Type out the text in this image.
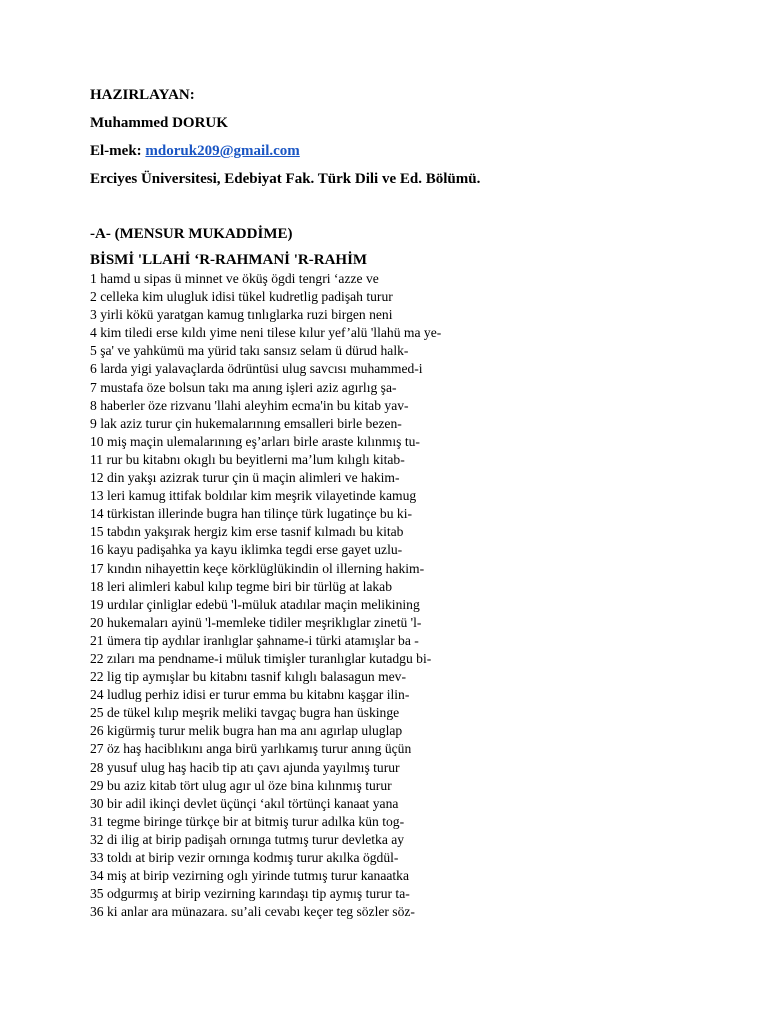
HAZIRLAYAN:
Muhammed DORUK
El-mek: mdoruk209@gmail.com
Erciyes Üniversitesi, Edebiyat Fak. Türk Dili ve Ed. Bölümü.
-A- (MENSUR MUKADDİME)
BİSMİ 'LLAHİ ‘R-RAHMANİ 'R-RAHİM
1 hamd u sipas ü minnet ve öküş ögdi tengri ‘azze ve
2 celleka kim ulugluk idisi tükel kudretlig padişah turur
3 yirli kökü yaratgan kamug tınlıglarka ruzi birgen neni
4 kim tiledi erse kıldı yime neni tilese kılur yef’alü 'llahü ma ye-
5 şa' ve yahkümü ma yürid takı sansız selam ü dürud halk-
6 larda yigi yalavaçlarda ödrüntüsi ulug savcısı muhammed-i
7 mustafa öze bolsun takı ma anıng işleri aziz agırlıg şa-
8 haberler öze rizvanu 'llahi aleyhim ecma'in bu kitab yav-
9 lak aziz turur çin hukemalarınıng emsalleri birle bezen-
10 miş maçin ulemalarınıng eş’arları birle araste kılınmış tu-
11 rur bu kitabnı okıglı bu beyitlerni ma’lum kılıglı kitab-
12 din yakşı azizrak turur çin ü maçin alimleri ve hakim-
13 leri kamug ittifak boldılar kim meşrik vilayetinde kamug
14 türkistan illerinde bugra han tilinçe türk lugatinçe bu ki-
15 tabdın yakşırak hergiz kim erse tasnif kılmadı bu kitab
16 kayu padişahka ya kayu iklimka tegdi erse gayet uzlu-
17 kındın nihayettin keçe körklüglükindin ol illerning hakim-
18 leri alimleri kabul kılıp tegme biri bir türlüg at lakab
19 urdılar çinliglar edebü 'l-müluk atadılar maçin melikining
20 hukemaları ayinü 'l-memleke tidiler meşriklıglar zinetü 'l-
21 ümera tip aydılar iranlıglar şahname-i türki atamışlar ba -
22 zıları ma pendname-i müluk timişler turanlıglar kutadgu bi-
22 lig tip aymışlar bu kitabnı tasnif kılıglı balasagun mev-
24 ludlug perhiz idisi er turur emma bu kitabnı kaşgar ilin-
25 de tükel kılıp meşrik meliki tavgaç bugra han üskinge
26 kigürmiş turur melik bugra han ma anı agırlap uluglap
27 öz haş haciblıkını anga birü yarlıkamış turur anıng üçün
28 yusuf ulug haş hacib tip atı çavı ajunda yayılmış turur
29 bu aziz kitab tört ulug agır ul öze bina kılınmış turur
30 bir adil ikinçi devlet üçünçi ‘akıl törtünçi kanaat yana
31 tegme biringe türkçe bir at bitmiş turur adılka kün tog-
32 di ilig at birip padişah ornınga tutmış turur devletka ay
33 toldı at birip vezir ornınga kodmış turur akılka ögdül-
34 miş at birip vezirning oglı yirinde tutmış turur kanaatka
35 odgurmış at birip vezirning karındaşı tip aymış turur ta-
36 ki anlar ara münazara. su’ali cevabı keçer teg sözler söz-
